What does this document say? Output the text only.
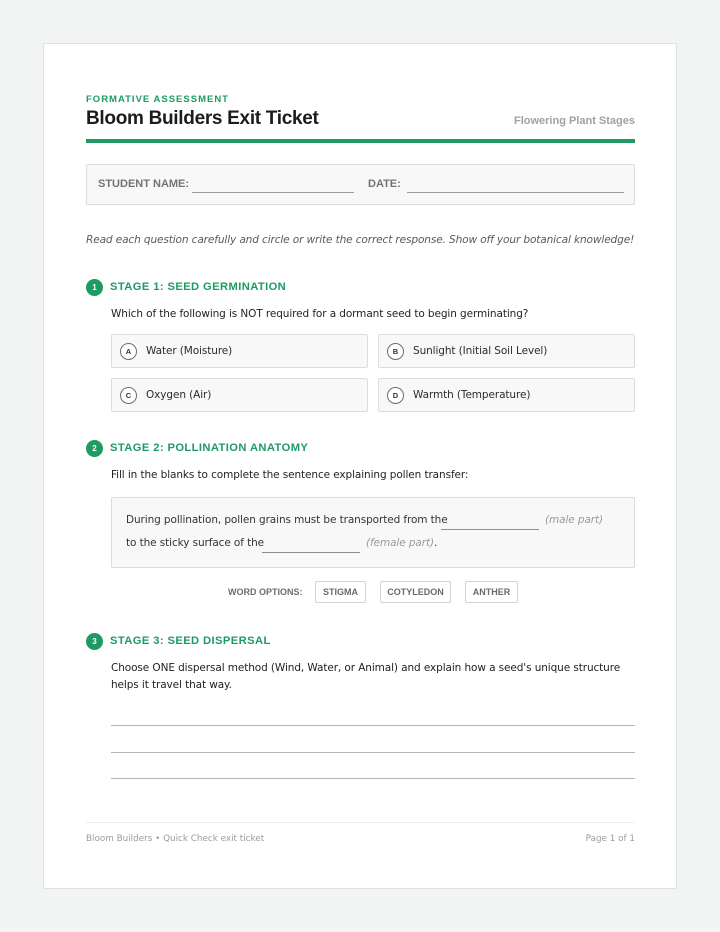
FORMATIVE ASSESSMENT
Bloom Builders Exit Ticket	Flowering Plant Stages
STUDENT NAME:	DATE:
Read each question carefully and circle or write the correct response. Show off your botanical knowledge!
1	STAGE 1: SEED GERMINATION
Which of the following is NOT required for a dormant seed to begin germinating?
A	Water (Moisture)	B	Sunlight (Initial Soil Level)
C	Oxygen (Air)	D	Warmth (Temperature)
2	STAGE 2: POLLINATION ANATOMY
Fill in the blanks to complete the sentence explaining pollen transfer:
During pollination, pollen grains must be transported from the	(male part)
to the sticky surface of the	(female part) .
WORD OPTIONS:	STIGMA	COTYLEDON	ANTHER
3	STAGE 3: SEED DISPERSAL
Choose ONE dispersal method (Wind, Water, or Animal) and explain how a seed's unique structure
helps it travel that way.
Bloom Builders • Quick Check exit ticket	Page 1 of 1
